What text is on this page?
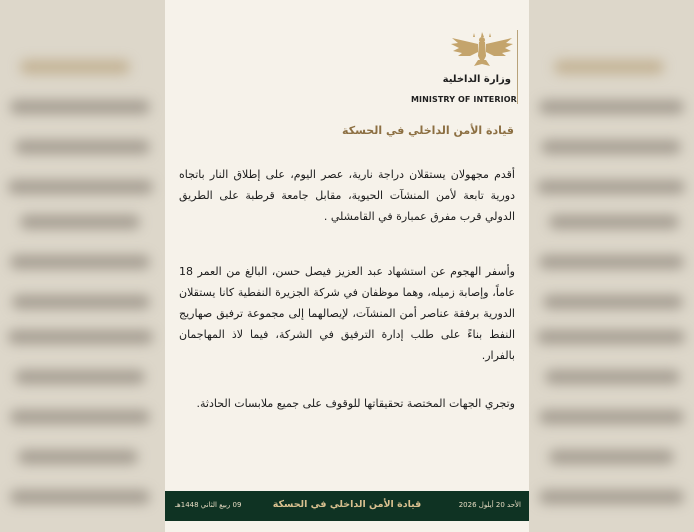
وزارة الداخلية
MINISTRY OF INTERIOR
قيادة الأمن الداخلي في الحسكة

أقدم مجهولان يستقلان دراجة نارية، عصر اليوم، على إطلاق النار باتجاه دورية تابعة لأمن المنشآت الحيوية، مقابل جامعة قرطبة على الطريق الدولي قرب مفرق عمبارة في القامشلي .

وأسفر الهجوم عن استشهاد عبد العزيز فيصل حسن، البالغ من العمر 18 عاماً، وإصابة زميله، وهما موظفان في شركة الجزيرة النفطية كانا يستقلان الدورية برفقة عناصر أمن المنشآت، لإيصالهما إلى مجموعة ترفيق صهاريج النفط بناءً على طلب إدارة الترفيق في الشركة، فيما لاذ المهاجمان بالفرار.

وتجري الجهات المختصة تحقيقاتها للوقوف على جميع ملابسات الحادثة.

الأحد 20 أيلول 2026
قيادة الأمن الداخلي في الحسكة
09 ربيع الثاني 1448هـ
